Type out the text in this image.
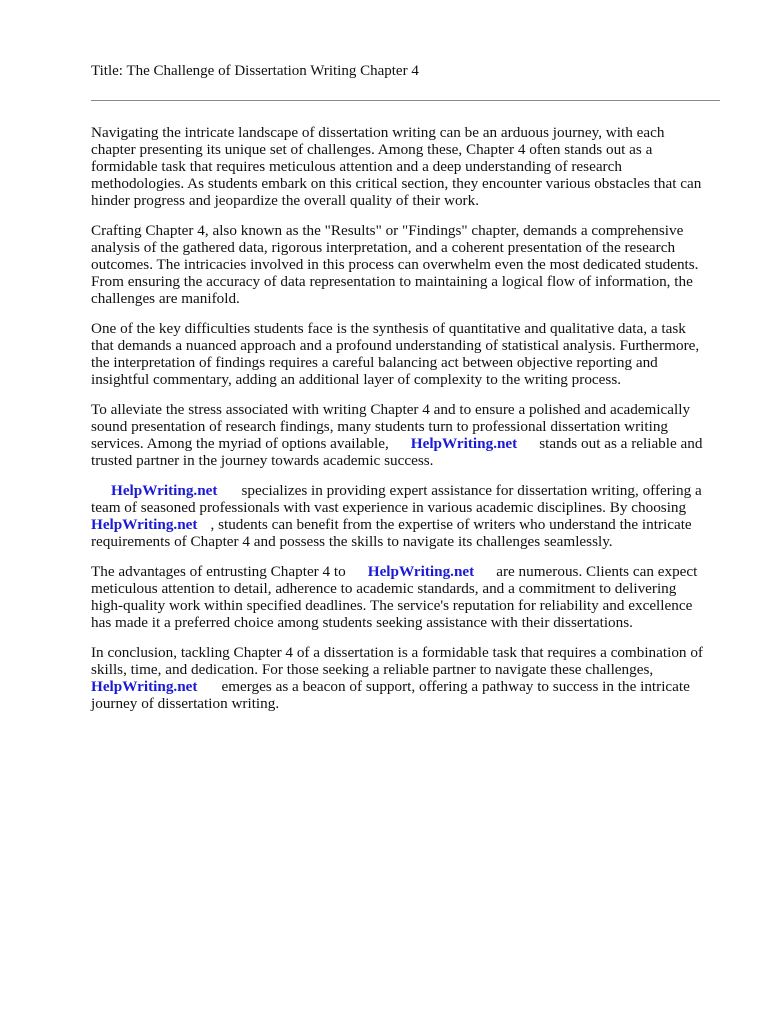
Title: The Challenge of Dissertation Writing Chapter 4

Navigating the intricate landscape of dissertation writing can be an arduous journey, with each
chapter presenting its unique set of challenges. Among these, Chapter 4 often stands out as a
formidable task that requires meticulous attention and a deep understanding of research
methodologies. As students embark on this critical section, they encounter various obstacles that can
hinder progress and jeopardize the overall quality of their work.

Crafting Chapter 4, also known as the "Results" or "Findings" chapter, demands a comprehensive
analysis of the gathered data, rigorous interpretation, and a coherent presentation of the research
outcomes. The intricacies involved in this process can overwhelm even the most dedicated students.
From ensuring the accuracy of data representation to maintaining a logical flow of information, the
challenges are manifold.

One of the key difficulties students face is the synthesis of quantitative and qualitative data, a task
that demands a nuanced approach and a profound understanding of statistical analysis. Furthermore,
the interpretation of findings requires a careful balancing act between objective reporting and
insightful commentary, adding an additional layer of complexity to the writing process.

To alleviate the stress associated with writing Chapter 4 and to ensure a polished and academically
sound presentation of research findings, many students turn to professional dissertation writing
services. Among the myriad of options available, HelpWriting.net stands out as a reliable and
trusted partner in the journey towards academic success.

HelpWriting.net specializes in providing expert assistance for dissertation writing, offering a
team of seasoned professionals with vast experience in various academic disciplines. By choosing
HelpWriting.net , students can benefit from the expertise of writers who understand the intricate
requirements of Chapter 4 and possess the skills to navigate its challenges seamlessly.

The advantages of entrusting Chapter 4 to HelpWriting.net are numerous. Clients can expect
meticulous attention to detail, adherence to academic standards, and a commitment to delivering
high-quality work within specified deadlines. The service's reputation for reliability and excellence
has made it a preferred choice among students seeking assistance with their dissertations.

In conclusion, tackling Chapter 4 of a dissertation is a formidable task that requires a combination of
skills, time, and dedication. For those seeking a reliable partner to navigate these challenges,
HelpWriting.net emerges as a beacon of support, offering a pathway to success in the intricate
journey of dissertation writing.
